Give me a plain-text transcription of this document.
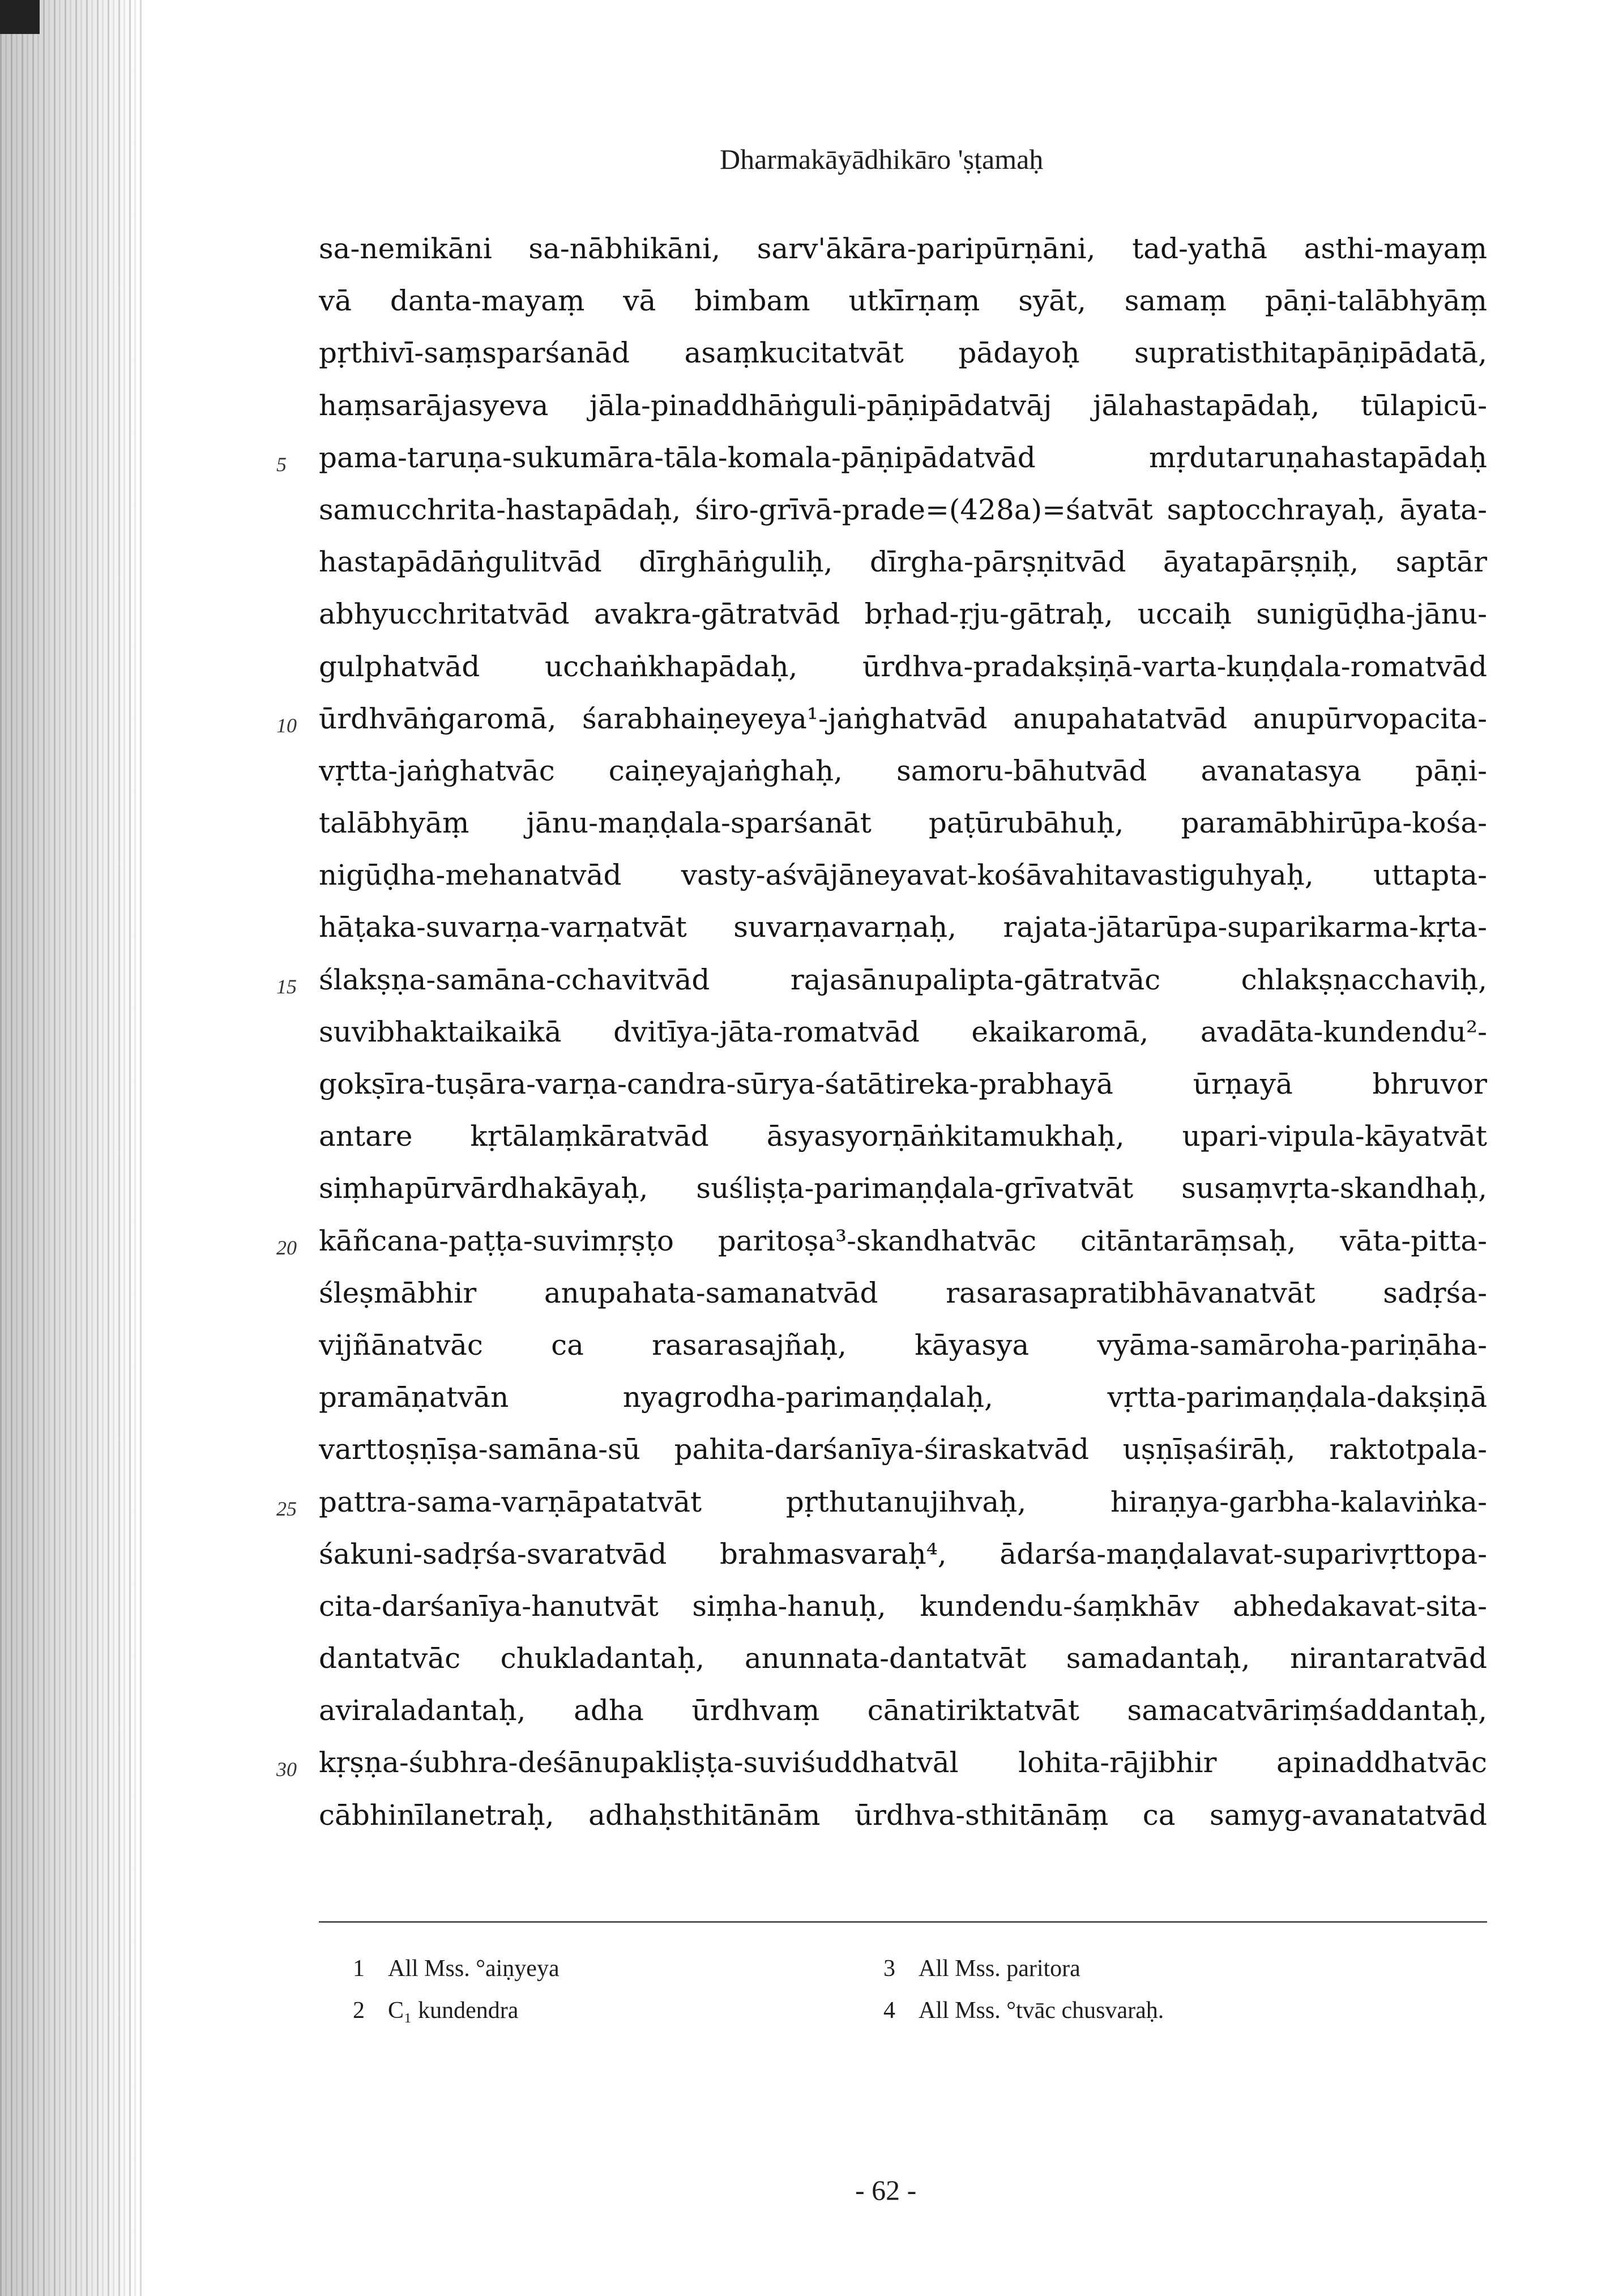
Dharmakāyādhikāro 'ṣṭamaḥ
sa-nemikāni sa-nābhikāni, sarv'ākāra-paripūrṇāni, tad-yathā asthi-mayaṃ
vā danta-mayaṃ vā bimbam utkīrṇaṃ syāt, samaṃ pāṇi-talābhyāṃ
pṛthivī-saṃsparśanād asaṃkucitatvāt pādayoḥ supratisthitapāṇipādatā,
haṃsarājasyeva jāla-pinaddhāṅguli-pāṇipādatvāj jālahastapādaḥ, tūlapicū-
5 pama-taruṇa-sukumāra-tāla-komala-pāṇipādatvād mṛdutaruṇahastapādaḥ
samucchrita-hastapādaḥ, śiro-grīvā-prade=(428a)=śatvāt saptocchrayaḥ, āyata-
hastapādāṅgulitvād dīrghāṅguliḥ, dīrgha-pārṣṇitvād āyatapārṣṇiḥ, saptār
abhyucchritatvād avakra-gātratvād bṛhad-ṛju-gātraḥ, uccaiḥ sunigūḍha-jānu-
gulphatvād ucchaṅkhapādaḥ, ūrdhva-pradakṣiṇā-varta-kuṇḍala-romatvād
10 ūrdhvāṅgaromā, śarabhaiṇeyeya¹-jaṅghatvād anupahatatvād anupūrvopacita-
vṛtta-jaṅghatvāc caiṇeyajaṅghaḥ, samoru-bāhutvād avanatasya pāṇi-
talābhyāṃ jānu-maṇḍala-sparśanāt paṭūrubāhuḥ, paramābhirūpa-kośa-
nigūḍha-mehanatvād vasty-aśvājāneyavat-kośāvahitavastiguhyaḥ, uttapta-
hāṭaka-suvarṇa-varṇatvāt suvarṇavarṇaḥ, rajata-jātarūpa-suparikarma-kṛta-
15 ślakṣṇa-samāna-cchavitvād rajasānupalipta-gātratvāc chlakṣṇacchaviḥ,
suvibhaktaikaikā dvitīya-jāta-romatvād ekaikaromā, avadāta-kundendu²-
gokṣīra-tuṣāra-varṇa-candra-sūrya-śatātireka-prabhayā ūrṇayā bhruvor
antare kṛtālaṃkāratvād āsyasyorṇāṅkitamukhaḥ, upari-vipula-kāyatvāt
siṃhapūrvārdhakāyaḥ, suśliṣṭa-parimaṇḍala-grīvatvāt susaṃvṛta-skandhaḥ,
20 kāñcana-paṭṭa-suvimṛṣṭo paritoṣa³-skandhatvāc citāntarāṃsaḥ, vāta-pitta-
śleṣmābhir anupahata-samanatvād rasarasapratibhāvanatvāt sadṛśa-
vijñānatvāc ca rasarasajñaḥ, kāyasya vyāma-samāroha-pariṇāha-
pramāṇatvān nyagrodha-parimaṇḍalaḥ, vṛtta-parimaṇḍala-dakṣiṇā
varttoṣṇīṣa-samāna-sū pahita-darśanīya-śiraskatvād uṣṇīṣaśirāḥ, raktotpala-
25 pattra-sama-varṇāpatatvāt pṛthutanujihvaḥ, hiraṇya-garbha-kalaviṅka-
śakuni-sadṛśa-svaratvād brahmasvaraḥ⁴, ādarśa-maṇḍalavat-suparivṛttopa-
cita-darśanīya-hanutvāt siṃha-hanuḥ, kundendu-śaṃkhāv abhedakavat-sita-
dantatvāc chukladantaḥ, anunnata-dantatvāt samadantaḥ, nirantaratvād
aviraladantaḥ, adha ūrdhvaṃ cānatiriktatvāt samacatvāriṃśaddantaḥ,
30 kṛṣṇa-śubhra-deśānupakliṣṭa-suviśuddhatvāl lohita-rājibhir apinaddhatvāc
cābhinīlanetraḥ, adhaḥsthitānām ūrdhva-sthitānāṃ ca samyg-avanatatvād
1 All Mss. °aiṇyeya
2 C₁ kundendra
3 All Mss. paritora
4 All Mss. °tvāc chusvaraḥ.
- 62 -
